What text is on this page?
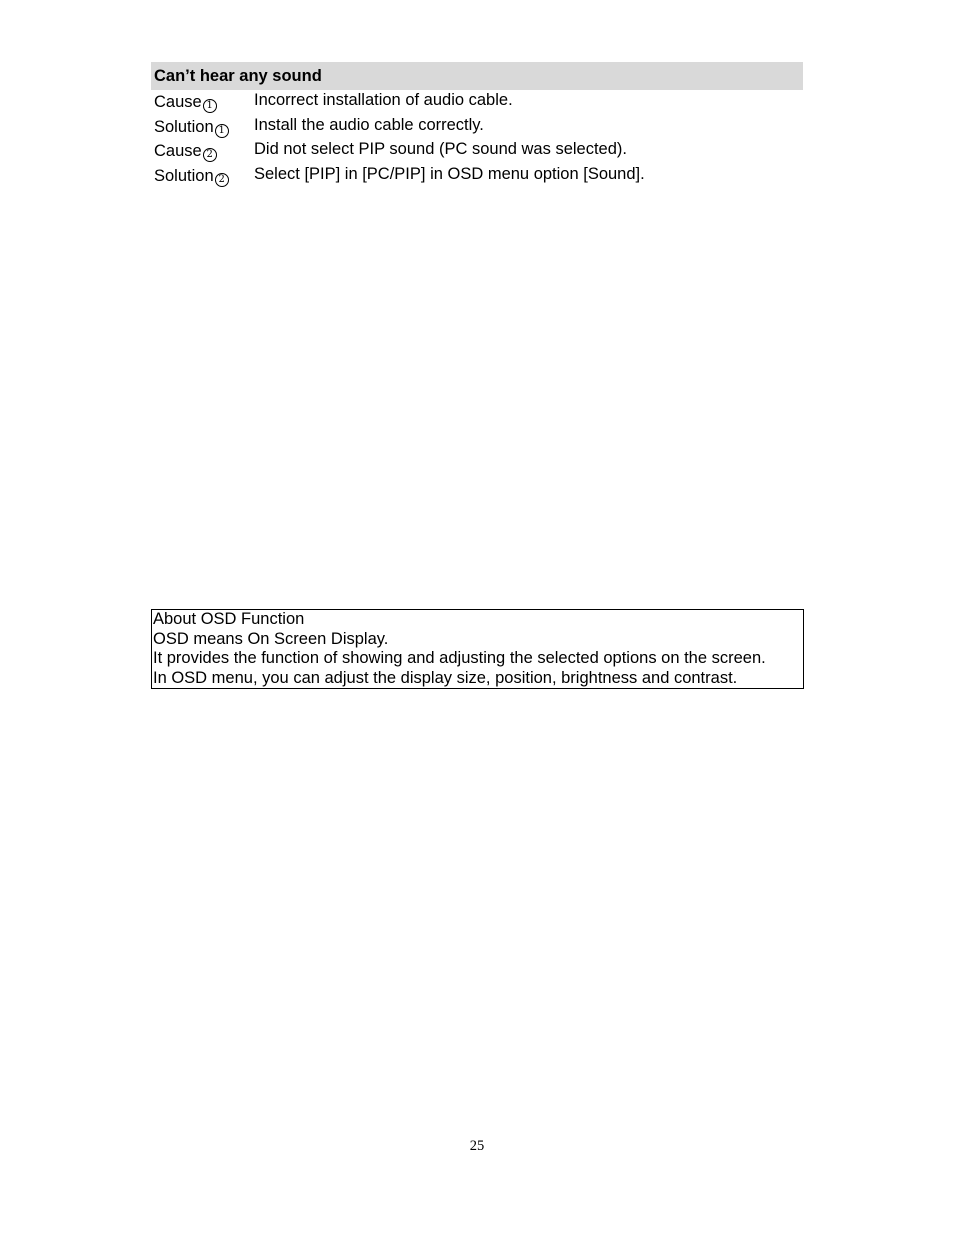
Can’t hear any sound
Cause 1 Incorrect installation of audio cable.
Solution 1 Install the audio cable correctly.
Cause 2 Did not select PIP sound (PC sound was selected).
Solution 2 Select [PIP] in [PC/PIP] in OSD menu option [Sound].
About OSD Function
OSD means On Screen Display.
It provides the function of showing and adjusting the selected options on the screen.
In OSD menu, you can adjust the display size, position, brightness and contrast.
25
